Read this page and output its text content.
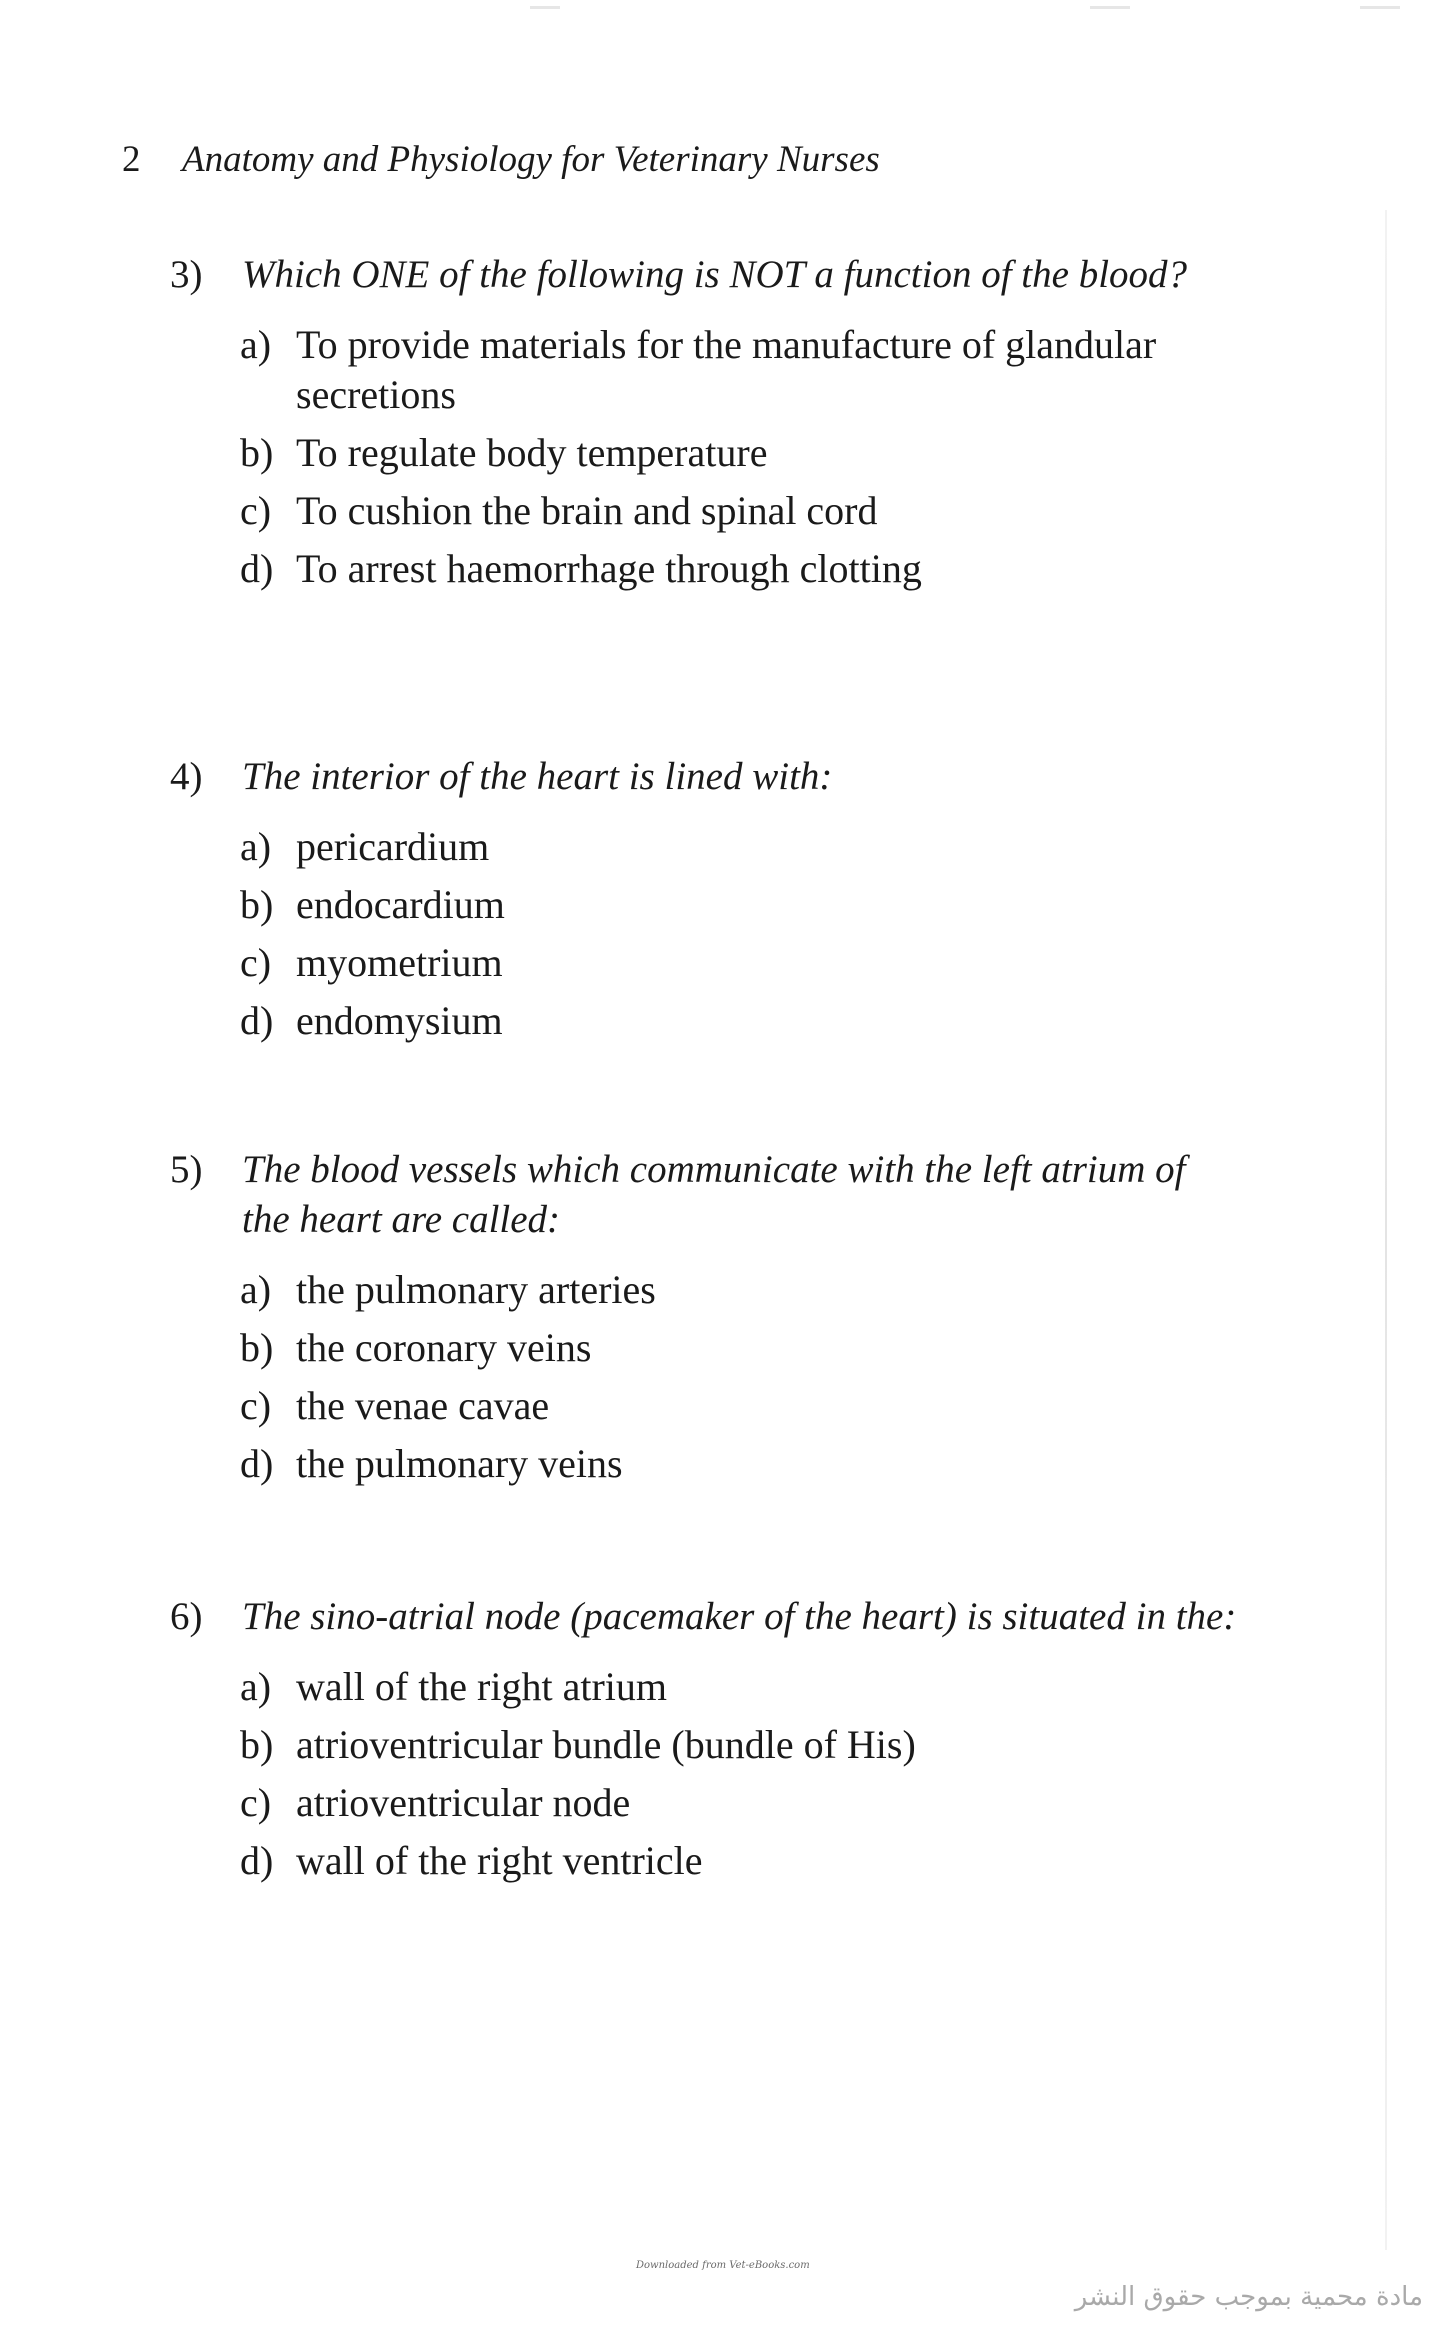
2 Anatomy and Physiology for Veterinary Nurses
3)	Which ONE of the following is NOT a function of the blood?
a) To provide materials for the manufacture of glandular secretions
b) To regulate body temperature
c) To cushion the brain and spinal cord
d) To arrest haemorrhage through clotting
4)	The interior of the heart is lined with:
a) pericardium
b) endocardium
c) myometrium
d) endomysium
5)	The blood vessels which communicate with the left atrium of the heart are called:
a) the pulmonary arteries
b) the coronary veins
c) the venae cavae
d) the pulmonary veins
6)	The sino-atrial node (pacemaker of the heart) is situated in the:
a) wall of the right atrium
b) atrioventricular bundle (bundle of His)
c) atrioventricular node
d) wall of the right ventricle
Downloaded from Vet-eBooks.com
مادة محمية بموجب حقوق النشر
